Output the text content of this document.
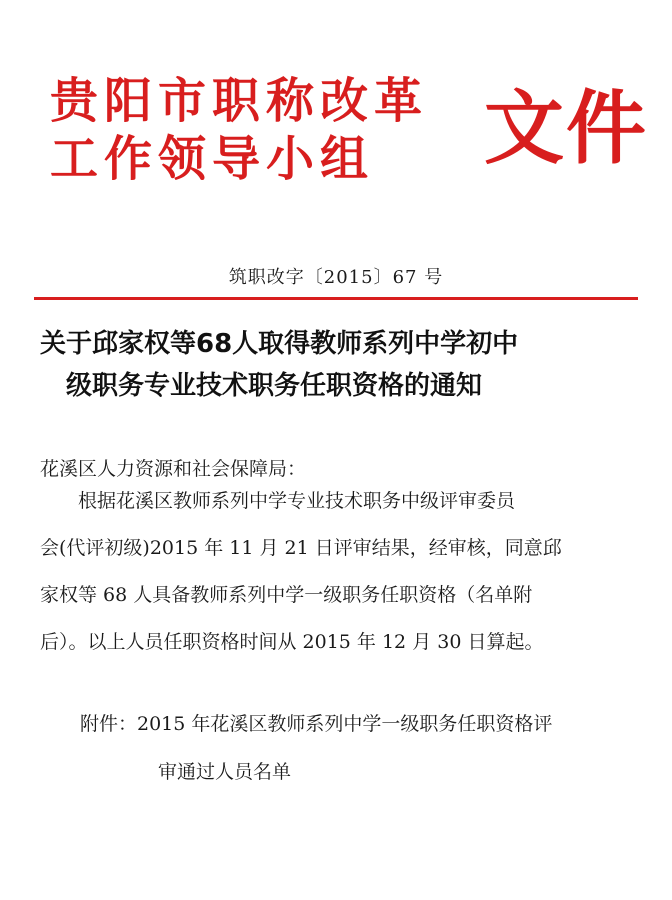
贵阳市职称改革
工作领导小组	文件
筑职改字〔2015〕67 号
关于邱家权等68人取得教师系列中学初中
级职务专业技术职务任职资格的通知
花溪区人力资源和社会保障局：
根据花溪区教师系列中学专业技术职务中级评审委员
会(代评初级)2015 年 11 月 21 日评审结果，经审核，同意邱
家权等 68 人具备教师系列中学一级职务任职资格（名单附
后）。以上人员任职资格时间从 2015 年 12 月 30 日算起。
附件：2015 年花溪区教师系列中学一级职务任职资格评
审通过人员名单
